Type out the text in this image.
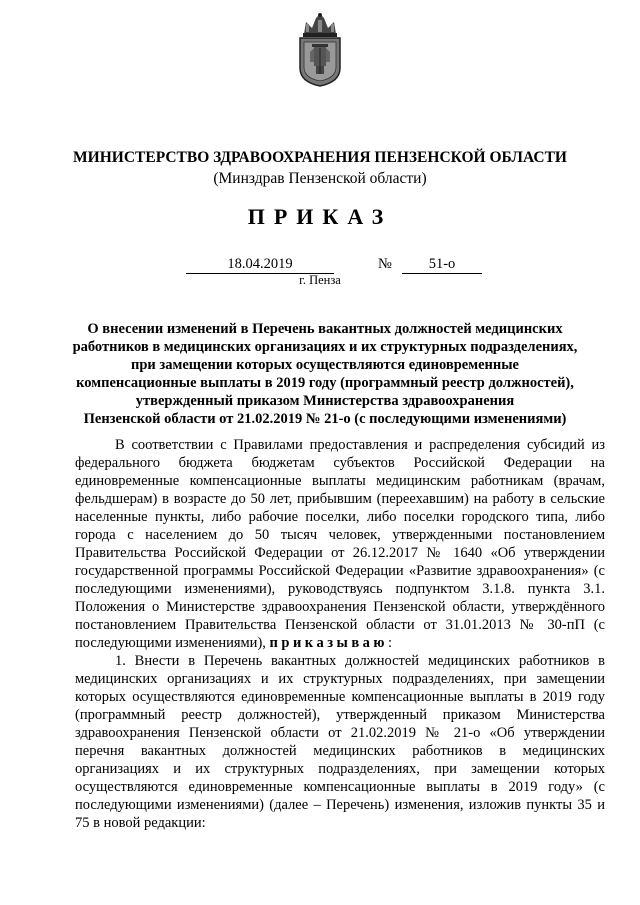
МИНИСТЕРСТВО ЗДРАВООХРАНЕНИЯ ПЕНЗЕНСКОЙ ОБЛАСТИ
(Минздрав Пензенской области)
ПРИКАЗ
18.04.2019	№	51-о
г. Пенза
О внесении изменений в Перечень вакантных должностей медицинских
работников в медицинских организациях и их структурных подразделениях,
при замещении которых осуществляются единовременные
компенсационные выплаты в 2019 году (программный реестр должностей),
утвержденный приказом Министерства здравоохранения
Пензенской области от 21.02.2019 № 21-о (с последующими изменениями)

В соответствии с Правилами предоставления и распределения субсидий из федерального бюджета бюджетам субъектов Российской Федерации на единовременные компенсационные выплаты медицинским работникам (врачам, фельдшерам) в возрасте до 50 лет, прибывшим (переехавшим) на работу в сельские населенные пункты, либо рабочие поселки, либо поселки городского типа, либо города с населением до 50 тысяч человек, утвержденными постановлением Правительства Российской Федерации от 26.12.2017 № 1640 «Об утверждении государственной программы Российской Федерации «Развитие здравоохранения» (с последующими изменениями), руководствуясь подпунктом 3.1.8. пункта 3.1. Положения о Министерстве здравоохранения Пензенской области, утверждённого постановлением Правительства Пензенской области от 31.01.2013 № 30-пП (с последующими изменениями), приказываю:

1. Внести в Перечень вакантных должностей медицинских работников в медицинских организациях и их структурных подразделениях, при замещении которых осуществляются единовременные компенсационные выплаты в 2019 году (программный реестр должностей), утвержденный приказом Министерства здравоохранения Пензенской области от 21.02.2019 № 21-о «Об утверждении перечня вакантных должностей медицинских работников в медицинских организациях и их структурных подразделениях, при замещении которых осуществляются единовременные компенсационные выплаты в 2019 году» (с последующими изменениями) (далее – Перечень) изменения, изложив пункты 35 и 75 в новой редакции:
